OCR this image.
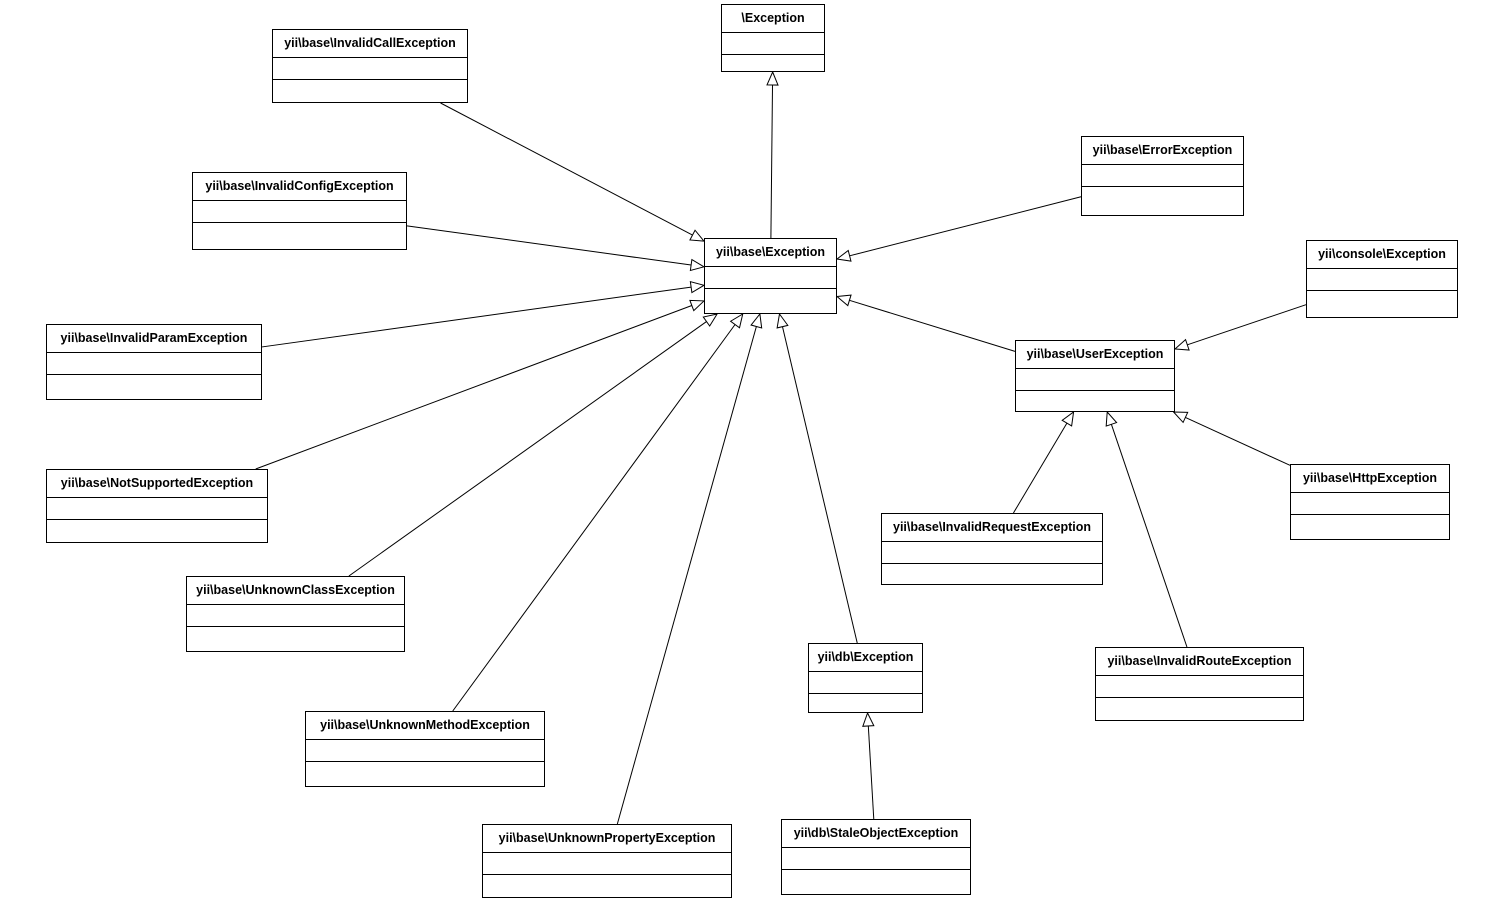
\Exception
yii\base\InvalidCallException
yii\base\ErrorException
yii\base\InvalidConfigException
yii\base\Exception	yii\console\Exception
yii\base\InvalidParamException
yii\base\UserException
yii\base\HttpException
yii\base\NotSupportedException
yii\base\InvalidRequestException
yii\base\UnknownClassException
yii\db\Exception	yii\base\InvalidRouteException
yii\base\UnknownMethodException
yii\base\UnknownPropertyException	yii\db\StaleObjectException
